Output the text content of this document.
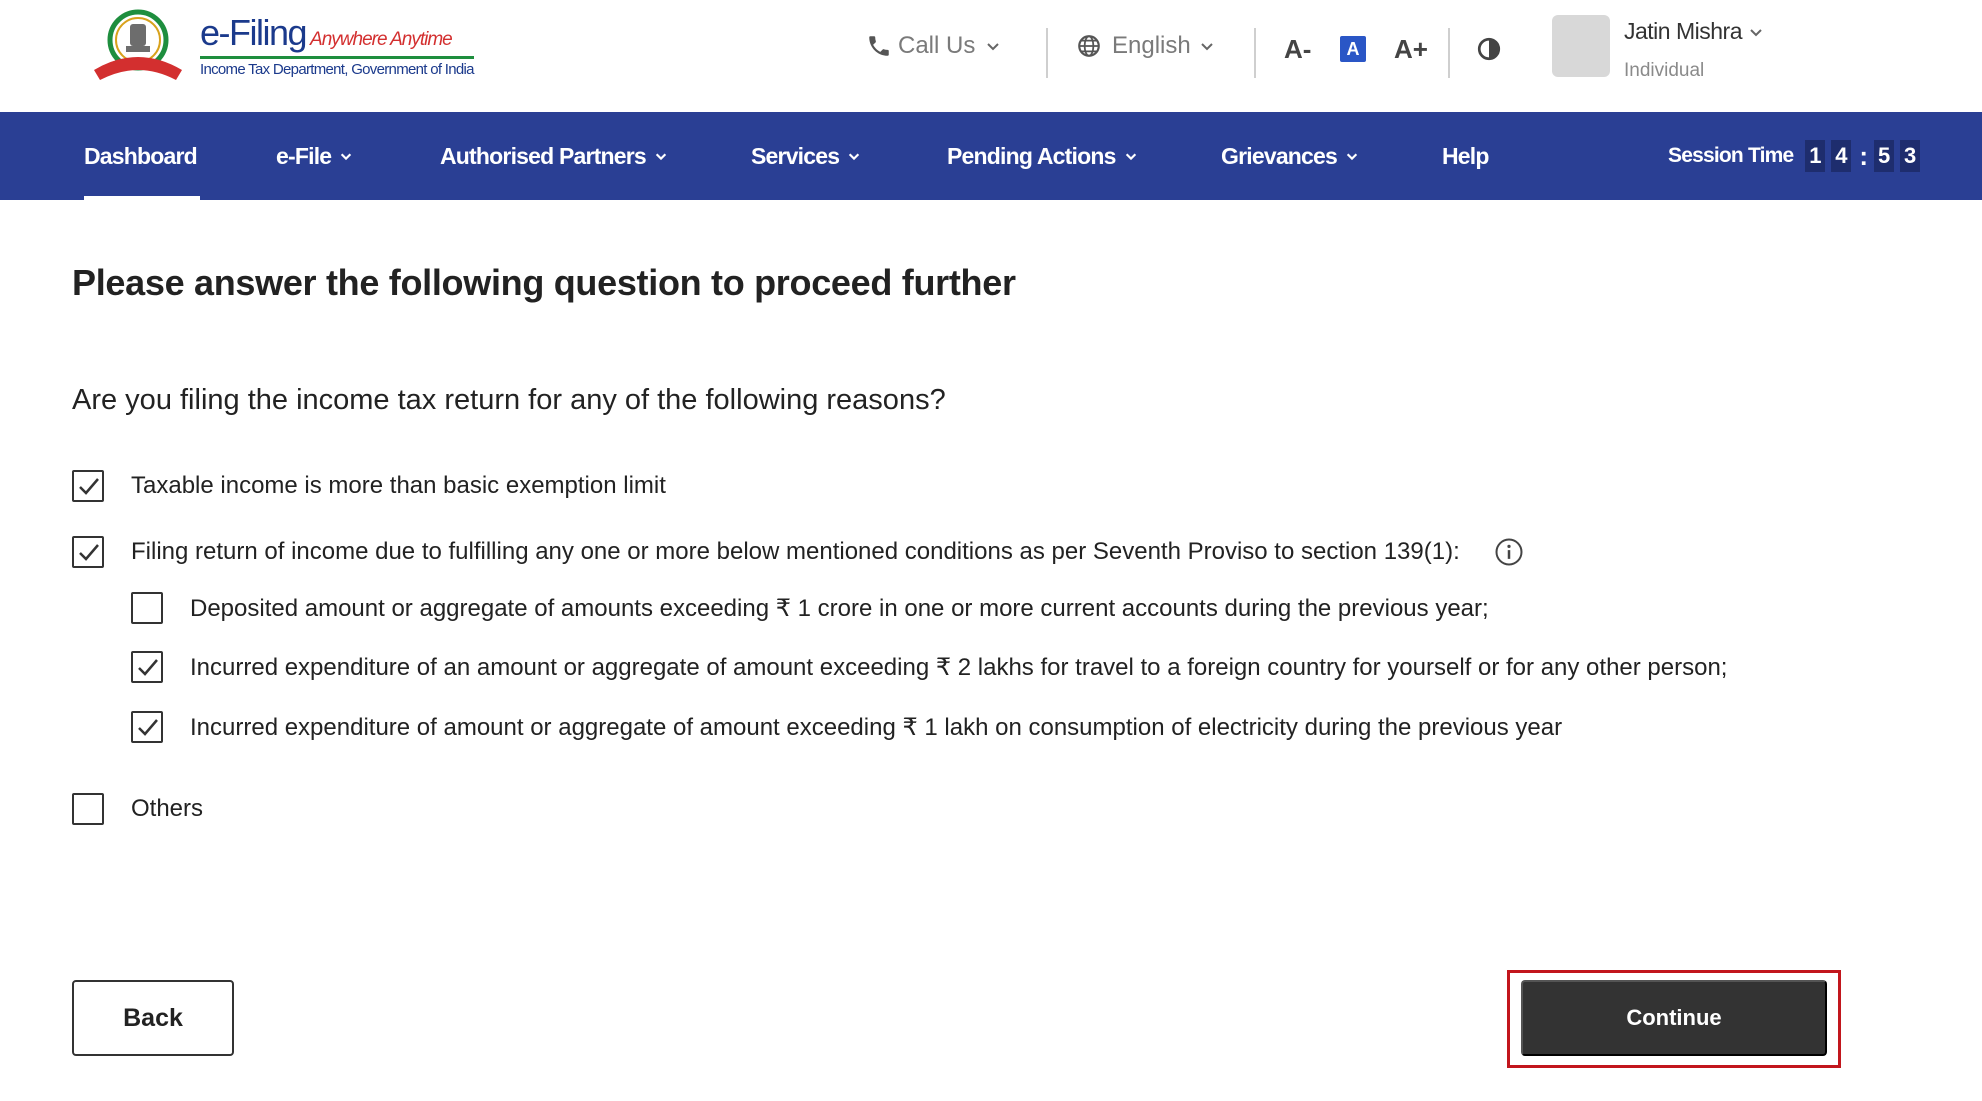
e-Filing Anywhere Anytime
Income Tax Department, Government of India
Call Us	English	A-	A A+
Jatin Mishra
Individual
Dashboard	e-File	Authorised Partners	Services	Pending Actions	Grievances	Help	Session Time 1 4 : 5 3
Please answer the following question to proceed further
Are you filing the income tax return for any of the following reasons?
Taxable income is more than basic exemption limit
Filing return of income due to fulfilling any one or more below mentioned conditions as per Seventh Proviso to section 139(1):
Deposited amount or aggregate of amounts exceeding ₹ 1 crore in one or more current accounts during the previous year;
Incurred expenditure of an amount or aggregate of amount exceeding ₹ 2 lakhs for travel to a foreign country for yourself or for any other person;
Incurred expenditure of amount or aggregate of amount exceeding ₹ 1 lakh on consumption of electricity during the previous year
Others
Back	Continue
